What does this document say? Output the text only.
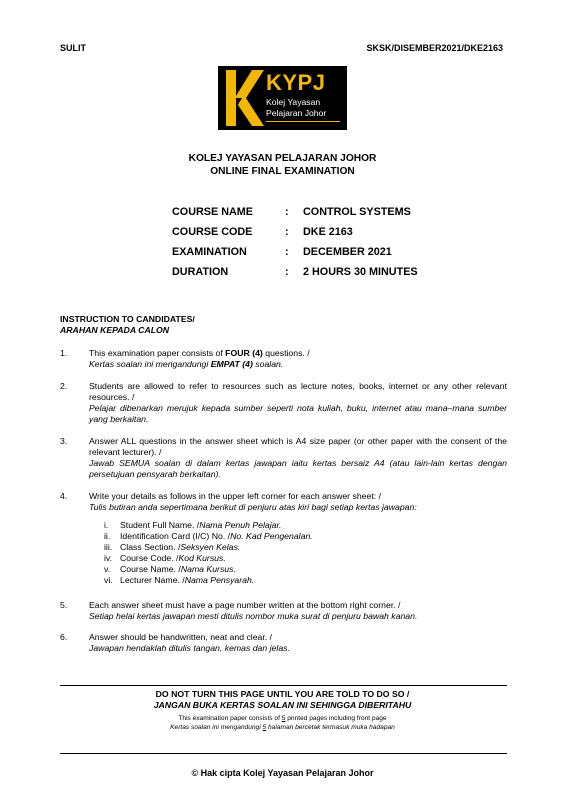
SULIT	SKSK/DISEMBER2021/DKE2163
KYPJ
Kolej Yayasan
Pelajaran Johor
KOLEJ YAYASAN PELAJARAN JOHOR
ONLINE FINAL EXAMINATION
COURSE NAME	:	CONTROL SYSTEMS
COURSE CODE	:	DKE 2163
EXAMINATION	:	DECEMBER 2021
DURATION	:	2 HOURS 30 MINUTES
INSTRUCTION TO CANDIDATES/
ARAHAN KEPADA CALON
1.	This examination paper consists of FOUR (4) questions. /
Kertas soalan ini mengandungi EMPAT (4) soalan.
2.	Students are allowed to refer to resources such as lecture notes, books, internet or any other relevant resources. /
Pelajar dibenarkan merujuk kepada sumber seperti nota kuliah, buku, internet atau mana–mana sumber yang berkaitan.
3.	Answer ALL questions in the answer sheet which is A4 size paper (or other paper with the consent of the relevant lecturer). /
Jawab SEMUA soalan di dalam kertas jawapan iaitu kertas bersaiz A4 (atau lain-lain kertas dengan persetujuan pensyarah berkaitan).
4.	Write your details as follows in the upper left corner for each answer sheet: /
Tulis butiran anda sepertimana berikut di penjuru atas kiri bagi setiap kertas jawapan:
i.	Student Full Name. / Nama Penuh Pelajar.
ii.	Identification Card (I/C) No. / No. Kad Pengenalan.
iii. Class Section. / Seksyen Kelas.
iv. Course Code. / Kod Kursus.
v.	Course Name. / Nama Kursus.
vi. Lecturer Name. / Nama Pensyarah.
5.	Each answer sheet must have a page number written at the bottom right corner. /
Setiap helai kertas jawapan mesti ditulis nombor muka surat di penjuru bawah kanan.
6.	Answer should be handwritten, neat and clear. /
Jawapan hendaklah ditulis tangan, kemas dan jelas.
DO NOT TURN THIS PAGE UNTIL YOU ARE TOLD TO DO SO /
JANGAN BUKA KERTAS SOALAN INI SEHINGGA DIBERITAHU
This examination paper consists of 5 printed pages including front page
Kertas soalan ini mengandungi 5 halaman bercetak termasuk muka hadapan
© Hak cipta Kolej Yayasan Pelajaran Johor
